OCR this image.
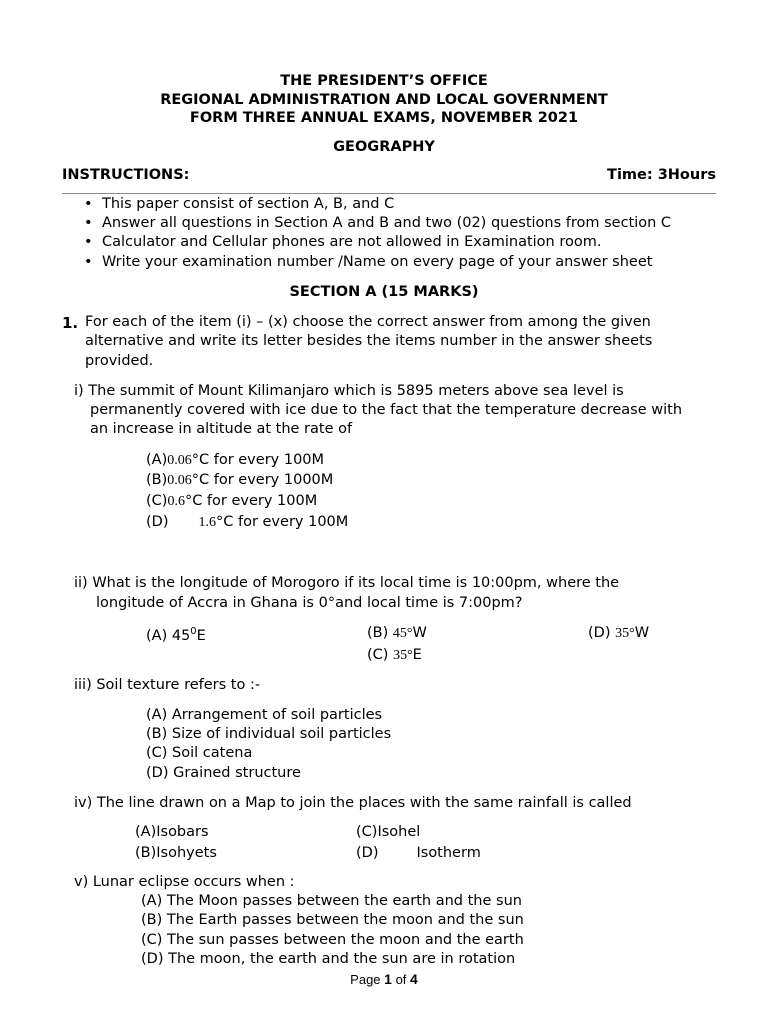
THE PRESIDENT’S OFFICE
REGIONAL ADMINISTRATION AND LOCAL GOVERNMENT
FORM THREE ANNUAL EXAMS, NOVEMBER 2021
GEOGRAPHY
INSTRUCTIONS:	Time: 3Hours
• This paper consist of section A, B, and C
• Answer all questions in Section A and B and two (02) questions from section C
• Calculator and Cellular phones are not allowed in Examination room.
• Write your examination number /Name on every page of your answer sheet
SECTION A (15 MARKS)
1. For each of the item (i) – (x) choose the correct answer from among the given
alternative and write its letter besides the items number in the answer sheets
provided.
i) The summit of Mount Kilimanjaro which is 5895 meters above sea level is
permanently covered with ice due to the fact that the temperature decrease with
an increase in altitude at the rate of
(A)0.06°C for every 100M
(B)0.06°C for every 1000M
(C)0.6°C for every 100M
(D) 1.6°C for every 100M
ii) What is the longitude of Morogoro if its local time is 10:00pm, where the
longitude of Accra in Ghana is 0°and local time is 7:00pm?
(A) $45^0E$	(B) 45°W
(C) 35°E
(D) 35°W
iii) Soil texture refers to :-
(A) Arrangement of soil particles
(B) Size of individual soil particles
(C) Soil catena
(D) Grained structure
iv) The line drawn on a Map to join the places with the same rainfall is called
(A)Isobars
(B)Isohyets
(C)Isohel
(D)	Isotherm
v) Lunar eclipse occurs when :
(A) The Moon passes between the earth and the sun
(B) The Earth passes between the moon and the sun
(C) The sun passes between the moon and the earth
(D) The moon, the earth and the sun are in rotation
Page 1 of 4
